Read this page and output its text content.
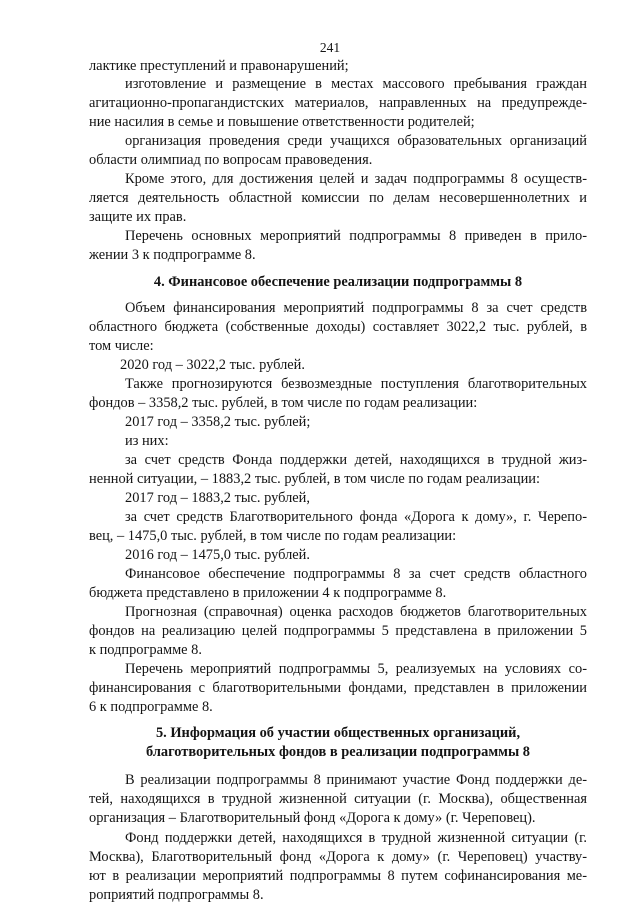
241
лактике преступлений и правонарушений;
изготовление и размещение в местах массового пребывания граждан
агитационно-пропагандистских материалов, направленных на предупрежде-
ние насилия в семье и повышение ответственности родителей;
организация проведения среди учащихся образовательных организаций
области олимпиад по вопросам правоведения.
Кроме этого, для достижения целей и задач подпрограммы 8 осуществ-
ляется деятельность областной комиссии по делам несовершеннолетних и
защите их прав.
Перечень основных мероприятий подпрограммы 8 приведен в прило-
жении 3 к подпрограмме 8.
4. Финансовое обеспечение реализации подпрограммы 8
Объем финансирования мероприятий подпрограммы 8 за счет средств
областного бюджета (собственные доходы) составляет 3022,2 тыс. рублей, в
том числе:
2020 год – 3022,2 тыс. рублей.
Также прогнозируются безвозмездные поступления благотворительных
фондов – 3358,2 тыс. рублей, в том числе по годам реализации:
2017 год – 3358,2 тыс. рублей;
из них:
за счет средств Фонда поддержки детей, находящихся в трудной жиз-
ненной ситуации, – 1883,2 тыс. рублей, в том числе по годам реализации:
2017 год – 1883,2 тыс. рублей,
за счет средств Благотворительного фонда «Дорога к дому», г. Черепо-
вец, – 1475,0 тыс. рублей, в том числе по годам реализации:
2016 год – 1475,0 тыс. рублей.
Финансовое обеспечение подпрограммы 8 за счет средств областного
бюджета представлено в приложении 4 к подпрограмме 8.
Прогнозная (справочная) оценка расходов бюджетов благотворительных
фондов на реализацию целей подпрограммы 5 представлена в приложении 5
к подпрограмме 8.
Перечень мероприятий подпрограммы 5, реализуемых на условиях со-
финансирования с благотворительными фондами, представлен в приложении
6 к подпрограмме 8.
5. Информация об участии общественных организаций,
благотворительных фондов в реализации подпрограммы 8
В реализации подпрограммы 8 принимают участие Фонд поддержки де-
тей, находящихся в трудной жизненной ситуации (г. Москва), общественная
организация – Благотворительный фонд «Дорога к дому» (г. Череповец).
Фонд поддержки детей, находящихся в трудной жизненной ситуации (г.
Москва), Благотворительный фонд «Дорога к дому» (г. Череповец) участву-
ют в реализации мероприятий подпрограммы 8 путем софинансирования ме-
роприятий подпрограммы 8.
